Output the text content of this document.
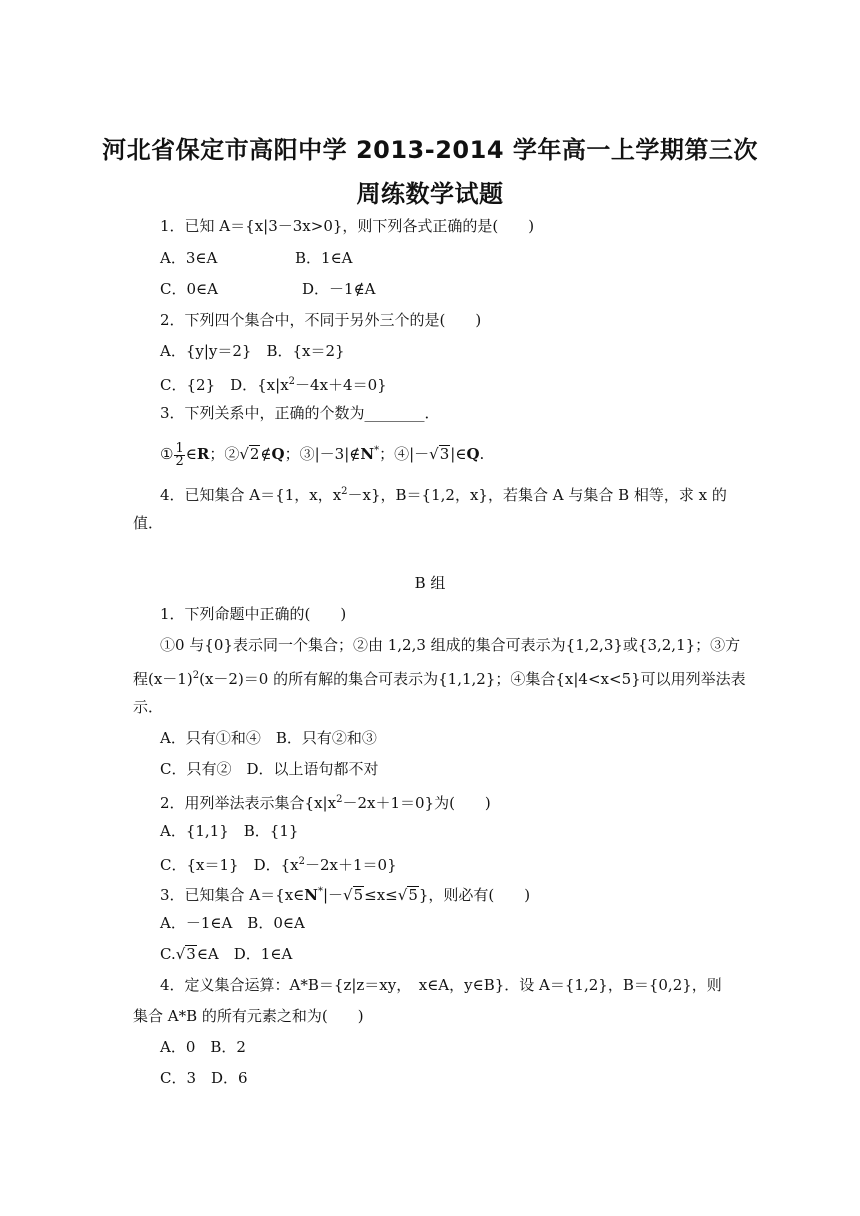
河北省保定市高阳中学 2013-2014 学年高一上学期第三次
周练数学试题
1．已知 A＝{x|3－3x>0}，则下列各式正确的是(　　)
A．3∈A	B．1∈A
C．0∈A	D．－1∉A
2．下列四个集合中，不同于另外三个的是(　　)
A．{y|y＝2}　B．{x＝2}
C．{2}　D．$\{x|x^2-4x+4=0\}$
3．下列关系中，正确的个数为________．
① $\frac{1}{2}$ ∈R；②√2∉Q；③|－3|∉N*；④|－√3|∈Q.
4．已知集合 A＝{1，x，$x^2-x$}，B＝{1,2，x}，若集合 A 与集合 B 相等，求 x 的
值．
B 组
1．下列命题中正确的(　　)
①0 与{0}表示同一个集合；②由 1,2,3 组成的集合可表示为{1,2,3}或{3,2,1}；③方
程$(x-1)^2(x-2)=0$ 的所有解的集合可表示为{1,1,2}；④集合{x|4<x<5}可以用列举法表
示．
A．只有①和④　B．只有②和③
C．只有②　D．以上语句都不对
2．用列举法表示集合$\{x|x^2-2x+1=0\}$为(　　)
A．{1,1}　B．{1}
C．{x＝1}　D．$\{x^2-2x+1=0\}$
3．已知集合 A＝{x∈N*|－√5≤x≤√5}，则必有(　　)
A．－1∈A　B．0∈A
C.√3∈A　D．1∈A
4．定义集合运算：A*B＝{z|z＝xy，　x∈A，y∈B}．设 A＝{1,2}，B＝{0,2}，则
集合 A*B 的所有元素之和为(　　)
A．0　B．2
C．3　D．6
